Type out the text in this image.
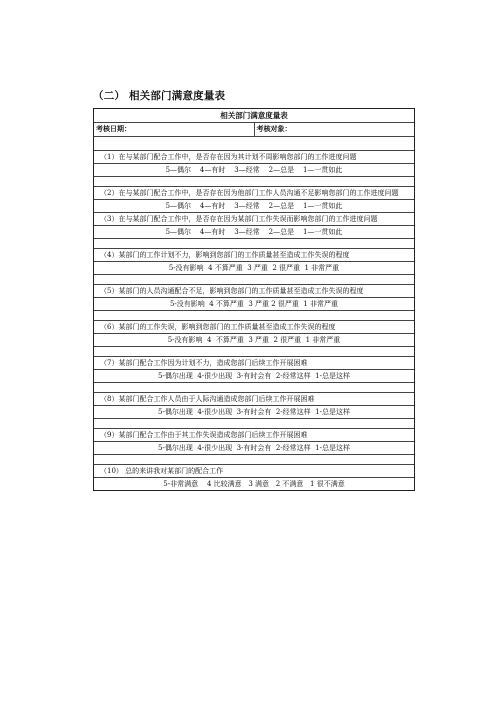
（二） 相关部门满意度量表
相关部门满意度量表
考核日期：	考核对象：
（1）在与某部门配合工作中，是否存在因为其计划不周影响您部门的工作进度问题
5—偶尔    4—有时    3—经常    2—总是    1—一贯如此
（2）在与某部门配合工作中，是否存在因为他部门工作人员沟通不足影响您部门的工作进度问题
5—偶尔    4—有时    3—经常    2—总是    1—一贯如此
（3）在与某部门配合工作中，是否存在因为某部门工作失误而影响您部门的工作进度问题
5—偶尔    4—有时    3—经常    2—总是    1—一贯如此
（4）某部门的工作计划不力，影响到您部门的工作质量甚至造成工作失误的程度
5-没有影响  4 不算严重  3 严重  2 很严重  1 非常严重
（5）某部门的人员沟通配合不足，影响到您部门的工作质量甚至造成工作失误的程度
5-没有影响  4 不算严重  3 严重 2 很严重  1 非常严重
（6）某部门的工作失误，影响到您部门的工作质量甚至造成工作失误的程度
5-没有影响  4  不算严重  3 严重  2 很严重  1 非常严重
（7）某部门配合工作因为计划不力，造成您部门后续工作开展困难
5-偶尔出现  4-很少出现  3-有时会有  2-经常这样  1-总是这样
（8）某部门配合工作人员由于人际沟通造成您部门后续工作开展困难
5-偶尔出现  4-很少出现  3-有时会有  2-经常这样  1-总是这样
（9）某部门配合工作由于其工作失误造成您部门后续工作开展困难
5-偶尔出现  4-很少出现  3-有时会有  2-经常这样  1-总是这样
（10） 总的来讲我对某部门的配合工作
5-非常满意    4 比较满意   3 满意   2 不满意   1 很不满意
